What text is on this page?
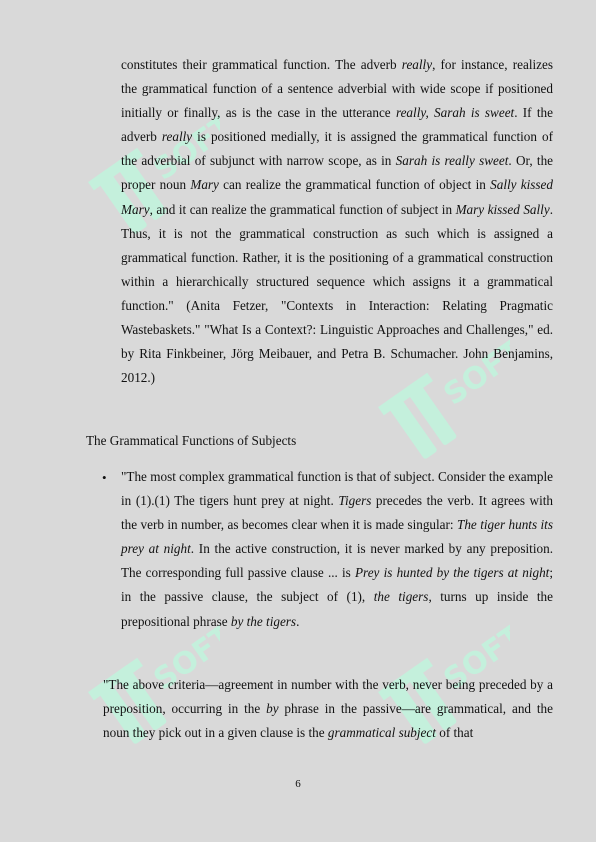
SOFT
SOFT
SOFT	SOFT

constitutes their grammatical function. The adverb really, for instance, realizes the grammatical function of a sentence adverbial with wide scope if positioned initially or finally, as is the case in the utterance really, Sarah is sweet. If the adverb really is positioned medially, it is assigned the grammatical function of the adverbial of subjunct with narrow scope, as in Sarah is really sweet. Or, the proper noun Mary can realize the grammatical function of object in Sally kissed Mary, and it can realize the grammatical function of subject in Mary kissed Sally. Thus, it is not the grammatical construction as such which is assigned a grammatical function. Rather, it is the positioning of a grammatical construction within a hierarchically structured sequence which assigns it a grammatical function." (Anita Fetzer, "Contexts in Interaction: Relating Pragmatic Wastebaskets." "What Is a Context?: Linguistic Approaches and Challenges," ed. by Rita Finkbeiner, Jörg Meibauer, and Petra B. Schumacher. John Benjamins, 2012.)

The Grammatical Functions of Subjects
• "The most complex grammatical function is that of subject. Consider the example in (1).(1) The tigers hunt prey at night. Tigers precedes the verb. It agrees with the verb in number, as becomes clear when it is made singular: The tiger hunts its prey at night. In the active construction, it is never marked by any preposition. The corresponding full passive clause ... is Prey is hunted by the tigers at night; in the passive clause, the subject of (1), the tigers, turns up inside the prepositional phrase by the tigers.

"The above criteria—agreement in number with the verb, never being preceded by a preposition, occurring in the by phrase in the passive—are grammatical, and the noun they pick out in a given clause is the grammatical subject of that

6
